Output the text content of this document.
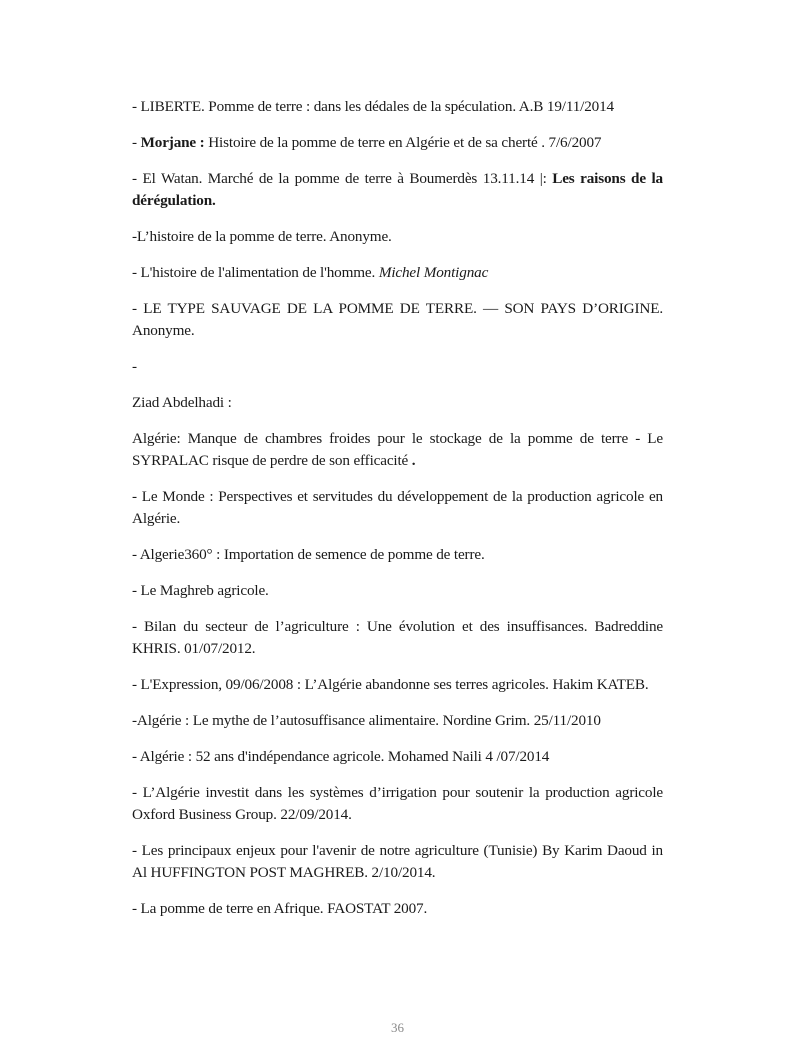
- LIBERTE. Pomme de terre : dans les dédales de la spéculation. A.B 19/11/2014

- Morjane : Histoire de la pomme de terre en Algérie et de sa cherté . 7/6/2007

- El Watan. Marché de la pomme de terre à Boumerdès 13.11.14 |: Les raisons de la dérégulation.

-L’histoire de la pomme de terre. Anonyme.

- L'histoire de l'alimentation de l'homme. Michel Montignac

- LE TYPE SAUVAGE DE LA POMME DE TERRE. — SON PAYS D’ORIGINE. Anonyme.

-

Ziad Abdelhadi :

Algérie: Manque de chambres froides pour le stockage de la pomme de terre - Le SYRPALAC risque de perdre de son efficacité .

- Le Monde : Perspectives et servitudes du développement de la production agricole en Algérie.

- Algerie360° : Importation de semence de pomme de terre.

- Le Maghreb agricole.

- Bilan du secteur de l’agriculture : Une évolution et des insuffisances. Badreddine KHRIS. 01/07/2012.

- L'Expression, 09/06/2008 : L’Algérie abandonne ses terres agricoles. Hakim KATEB.

-Algérie : Le mythe de l’autosuffisance alimentaire. Nordine Grim. 25/11/2010

- Algérie : 52 ans d'indépendance agricole. Mohamed Naili 4 /07/2014

- L’Algérie investit dans les systèmes d’irrigation pour soutenir la production agricole Oxford Business Group. 22/09/2014.

- Les principaux enjeux pour l'avenir de notre agriculture (Tunisie) By Karim Daoud in Al HUFFINGTON POST MAGHREB. 2/10/2014.

- La pomme de terre en Afrique. FAOSTAT 2007.

36
